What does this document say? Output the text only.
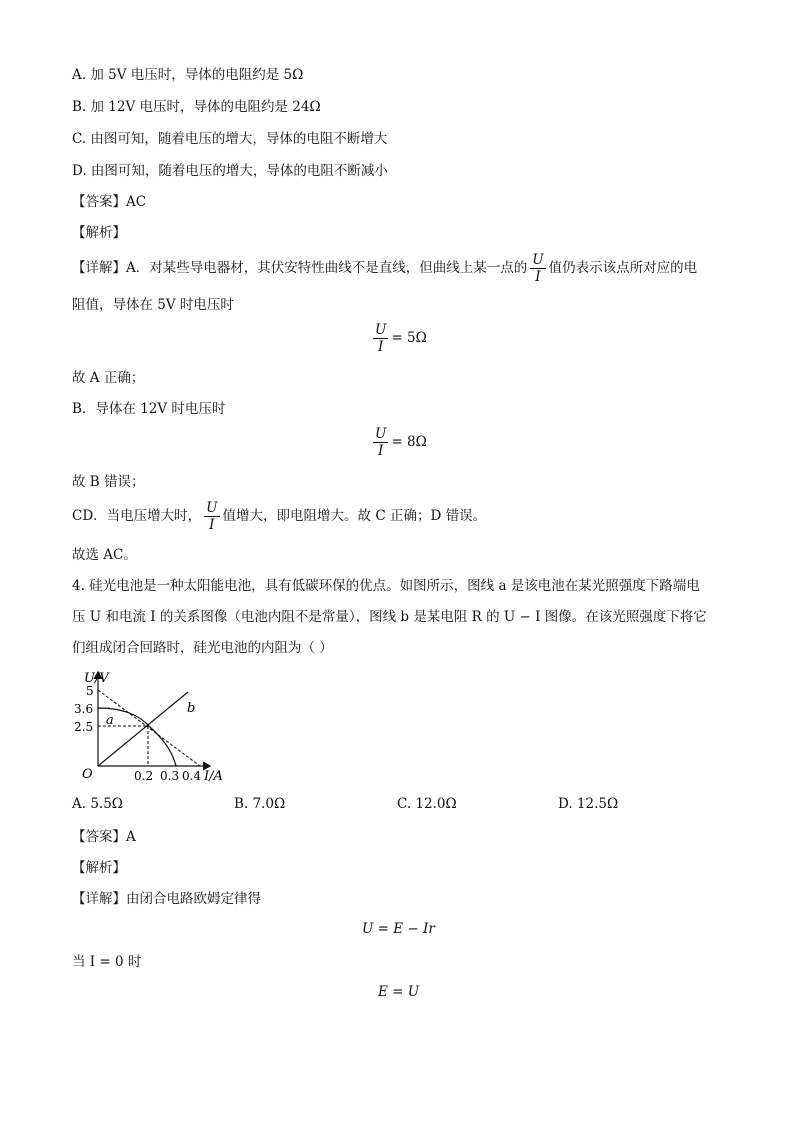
A. 加 5V 电压时，导体的电阻约是 5Ω
B. 加 12V 电压时，导体的电阻约是 24Ω
C. 由图可知，随着电压的增大，导体的电阻不断增大
D. 由图可知，随着电压的增大，导体的电阻不断减小
【答案】AC
【解析】
【详解】A．对某些导电器材，其伏安特性曲线不是直线，但曲线上某一点的 $\frac{U}{I}$ 值仍表示该点所对应的电
阻值，导体在 5V 时电压时
$\frac{U}{I} = 5\Omega$
故 A 正确；
B．导体在 12V 时电压时
$\frac{U}{I} = 8\Omega$
故 B 错误；
CD．当电压增大时， $\frac{U}{I}$ 值增大，即电阻增大。故 C 正确；D 错误。
故选 AC。
4. 硅光电池是一种太阳能电池，具有低碳环保的优点。如图所示，图线 a 是该电池在某光照强度下路端电
压 U 和电流 I 的关系图像（电池内阻不是常量），图线 b 是某电阻 R 的 U − I 图像。在该光照强度下将它
们组成闭合回路时，硅光电池的内阻为（ ）
U/V
5
3.6
2.5 a
b
O	0.2 0.3 0.4 I/A
A. 5.5Ω	B. 7.0Ω	C. 12.0Ω	D. 12.5Ω
【答案】A
【解析】
【详解】由闭合电路欧姆定律得
U = E − Ir
当 I = 0 时
E = U
